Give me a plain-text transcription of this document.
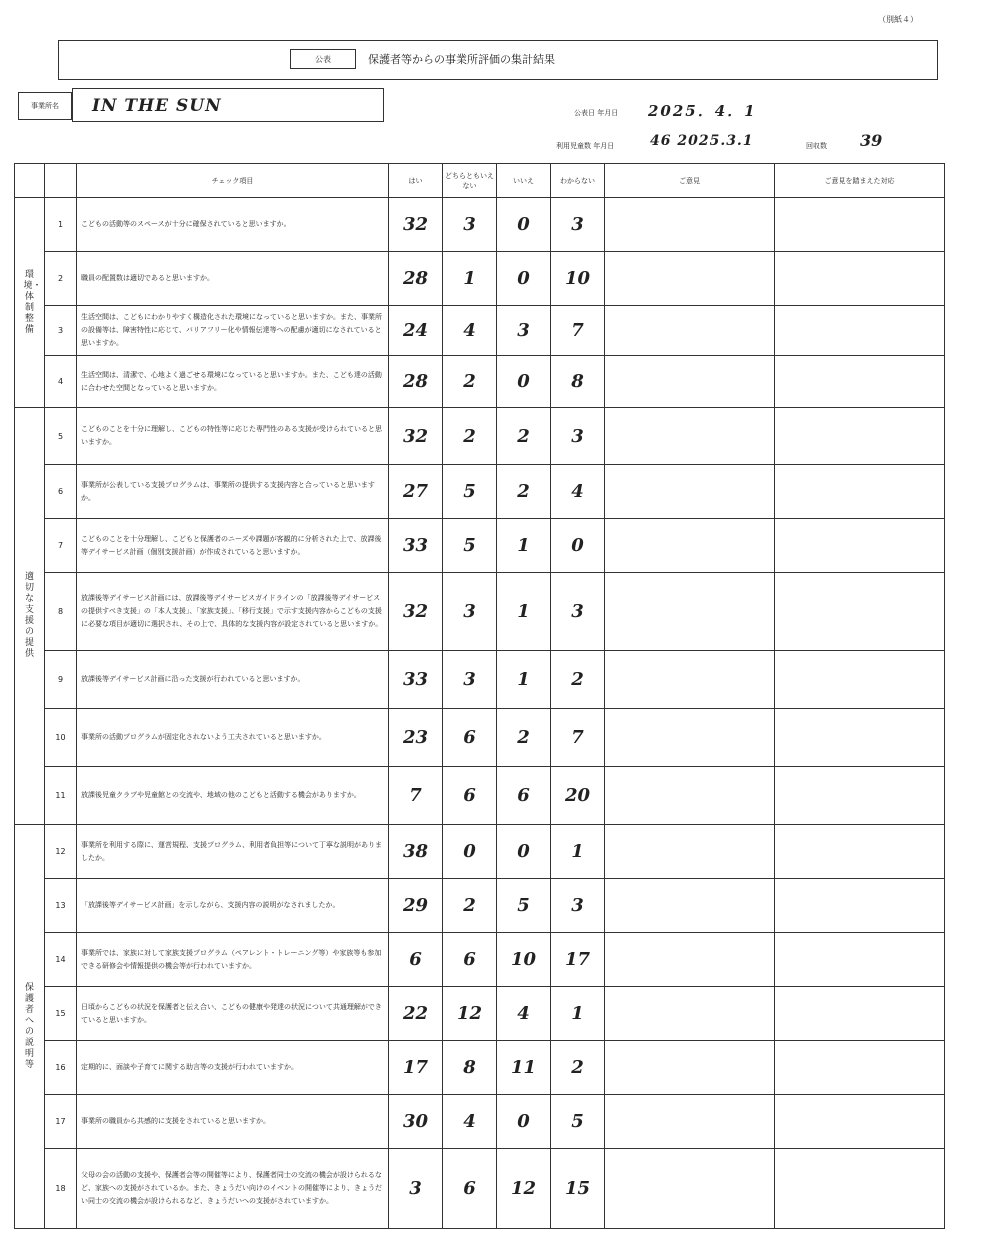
（別紙４）
公表	保護者等からの事業所評価の集計結果
事業所名	IN THE SUN	公表日 年月日 2025．4．1
利用児童数 年月日	46 2025.3.1	回収数 39
		チェック項目	はい	どちらともいえない	いいえ	わからない	ご意見	ご意見を踏まえた対応

環境・体制整備	1	こどもの活動等のスペースが十分に確保されていると思いますか。	32	3	0	3		
	2	職員の配置数は適切であると思いますか。	28	1	0	10		
	3	生活空間は、こどもにわかりやすく構造化された環境になっていると思いますか。また、事業所の設備等は、障害特性に応じて、バリアフリー化や情報伝達等への配慮が適切になされていると思いますか。	24	4	3	7		
	4	生活空間は、清潔で、心地よく過ごせる環境になっていると思いますか。また、こども達の活動に合わせた空間となっていると思いますか。	28	2	0	8		

適切な支援の提供	5	こどものことを十分に理解し、こどもの特性等に応じた専門性のある支援が受けられていると思いますか。	32	2	2	3		
	6	事業所が公表している支援プログラムは、事業所の提供する支援内容と合っていると思いますか。	27	5	2	4		
	7	こどものことを十分理解し、こどもと保護者のニーズや課題が客観的に分析された上で、放課後等デイサービス計画（個別支援計画）が作成されていると思いますか。	33	5	1	0		
	8	放課後等デイサービス計画には、放課後等デイサービスガイドラインの「放課後等デイサービスの提供すべき支援」の「本人支援」、「家族支援」、「移行支援」で示す支援内容からこどもの支援に必要な項目が適切に選択され、その上で、具体的な支援内容が設定されていると思いますか。	32	3	1	3		
	9	放課後等デイサービス計画に沿った支援が行われていると思いますか。	33	3	1	2		
	10	事業所の活動プログラムが固定化されないよう工夫されていると思いますか。	23	6	2	7		
	11	放課後児童クラブや児童館との交流や、地域の他のこどもと活動する機会がありますか。	7	6	6	20		

保護者への説明等	12	事業所を利用する際に、運営規程、支援プログラム、利用者負担等について丁寧な説明がありましたか。	38	0	0	1		
	13	「放課後等デイサービス計画」を示しながら、支援内容の説明がなされましたか。	29	2	5	3		
	14	事業所では、家族に対して家族支援プログラム（ペアレント・トレーニング等）や家族等も参加できる研修会や情報提供の機会等が行われていますか。	6	6	10	17		
	15	日頃からこどもの状況を保護者と伝え合い、こどもの健康や発達の状況について共通理解ができていると思いますか。	22	12	4	1		
	16	定期的に、面談や子育てに関する助言等の支援が行われていますか。	17	8	11	2		
	17	事業所の職員から共感的に支援をされていると思いますか。	30	4	0	5		
	18	父母の会の活動の支援や、保護者会等の開催等により、保護者同士の交流の機会が設けられるなど、家族への支援がされているか。また、きょうだい向けのイベントの開催等により、きょうだい同士の交流の機会が設けられるなど、きょうだいへの支援がされていますか。	3	6	12	15		
